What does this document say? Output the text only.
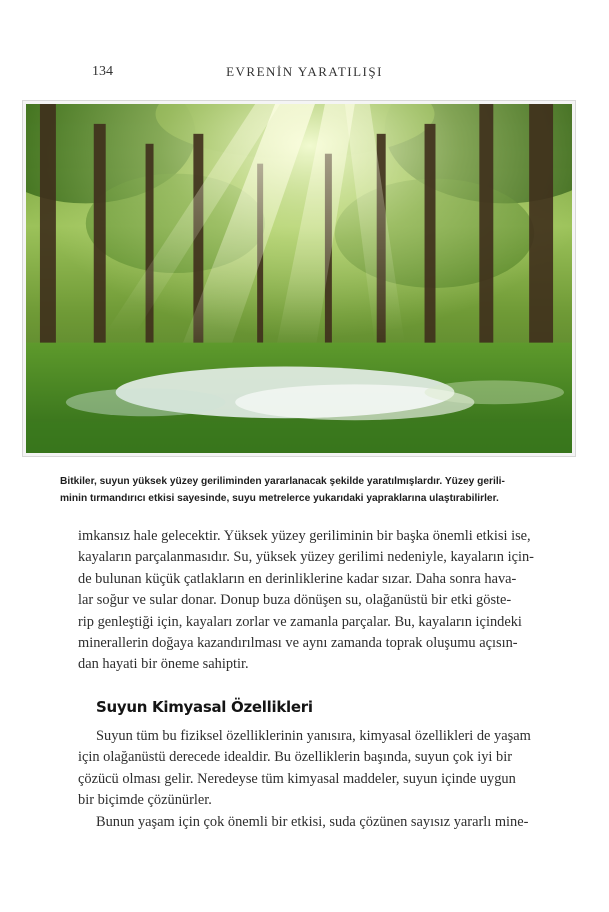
134	EVRENİN YARATILIŞI

Bitkiler, suyun yüksek yüzey geriliminden yararlanacak şekilde yaratılmışlardır. Yüzey gerili-

minin tırmandırıcı etkisi sayesinde, suyu metrelerce yukarıdaki yapraklarına ulaştırabilirler.

imkansız hale gelecektir. Yüksek yüzey geriliminin bir başka önemli etkisi ise,

kayaların parçalanmasıdır. Su, yüksek yüzey gerilimi nedeniyle, kayaların için-

de bulunan küçük çatlakların en derinliklerine kadar sızar. Daha sonra hava-

lar soğur ve sular donar. Donup buza dönüşen su, olağanüstü bir etki göste-

rip genleştiği için, kayaları zorlar ve zamanla parçalar. Bu, kayaların içindeki

minerallerin doğaya kazandırılması ve aynı zamanda toprak oluşumu açısın-

dan hayati bir öneme sahiptir.

Suyun Kimyasal Özellikleri

Suyun tüm bu fiziksel özelliklerinin yanısıra, kimyasal özellikleri de yaşam

için olağanüstü derecede idealdir. Bu özelliklerin başında, suyun çok iyi bir

çözücü olması gelir. Neredeyse tüm kimyasal maddeler, suyun içinde uygun

bir biçimde çözünürler.

Bunun yaşam için çok önemli bir etkisi, suda çözünen sayısız yararlı mine-
